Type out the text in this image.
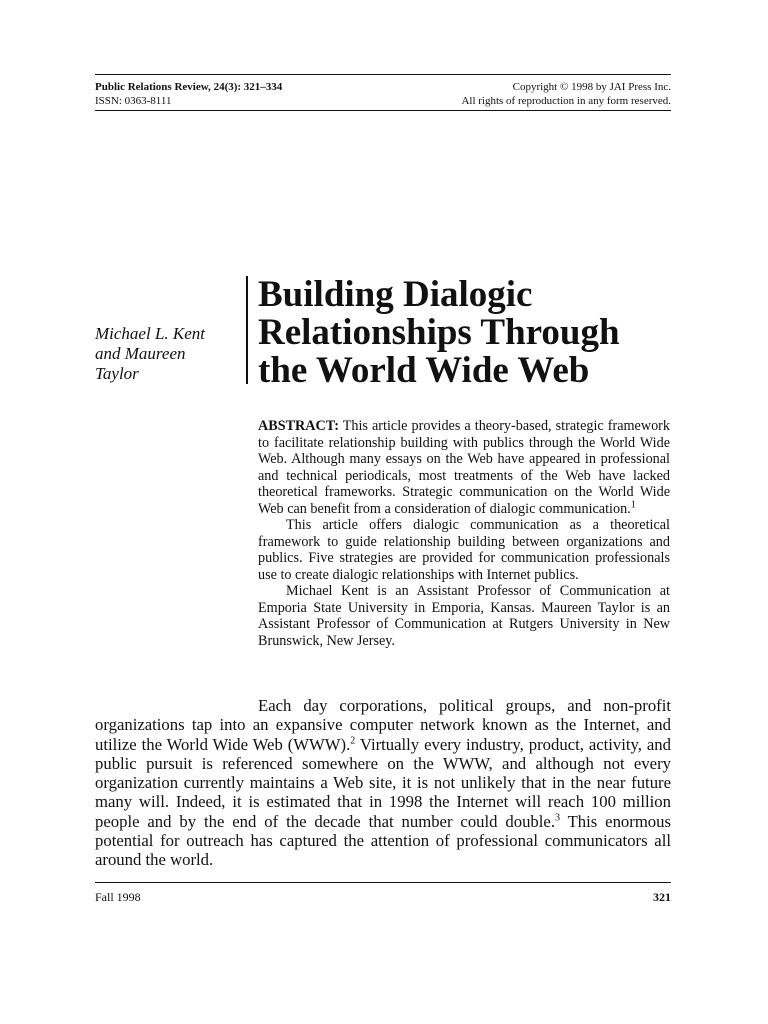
Public Relations Review, 24(3): 321–334
ISSN: 0363-8111
Copyright © 1998 by JAI Press Inc.
All rights of reproduction in any form reserved.
Michael L. Kent
and Maureen
Taylor
Building Dialogic
Relationships Through
the World Wide Web

ABSTRACT: This article provides a theory-based, strategic framework to facilitate relationship building with publics through the World Wide Web. Although many essays on the Web have appeared in professional and technical periodicals, most treatments of the Web have lacked theoretical frameworks. Strategic communication on the World Wide Web can benefit from a consideration of dialogic communication.$^1$

This article offers dialogic communication as a theoretical framework to guide relationship building between organizations and publics. Five strategies are provided for communication professionals use to create dialogic relationships with Internet publics.

Michael Kent is an Assistant Professor of Communication at Emporia State University in Emporia, Kansas. Maureen Taylor is an Assistant Professor of Communication at Rutgers University in New Brunswick, New Jersey.

Each day corporations, political groups, and non-profit organizations tap into an expansive computer network known as the Internet, and utilize the World Wide Web (WWW).$^2$ Virtually every industry, product, activity, and public pursuit is referenced somewhere on the WWW, and although not every organization currently maintains a Web site, it is not unlikely that in the near future many will. Indeed, it is estimated that in 1998 the Internet will reach 100 million people and by the end of the decade that number could double.$^3$ This enormous potential for outreach has captured the attention of professional communicators all around the world.

Fall 1998	321
